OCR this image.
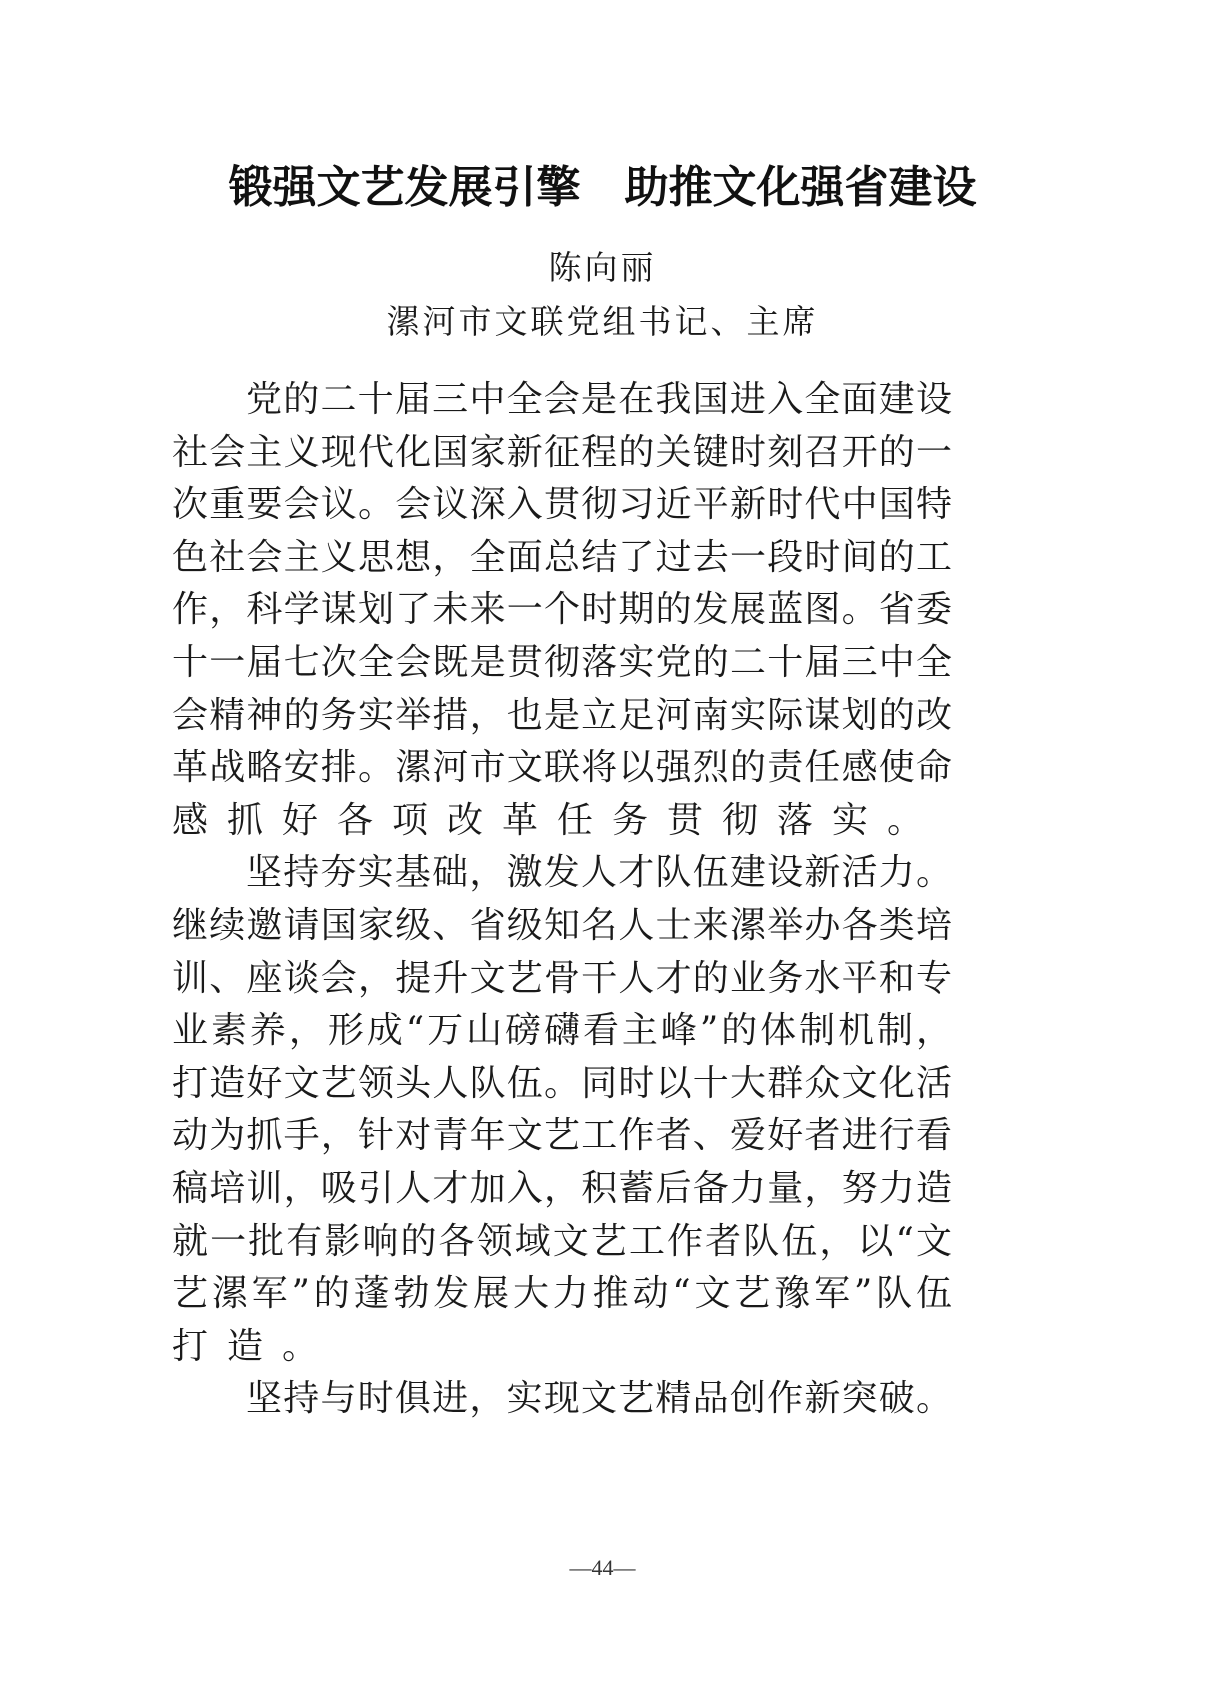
锻强文艺发展引擎　助推文化强省建设
陈向丽
漯河市文联党组书记、主席
党的二十届三中全会是在我国进入全面建设
社会主义现代化国家新征程的关键时刻召开的一
次重要会议。会议深入贯彻习近平新时代中国特
色社会主义思想，全面总结了过去一段时间的工
作，科学谋划了未来一个时期的发展蓝图。省委
十一届七次全会既是贯彻落实党的二十届三中全
会精神的务实举措，也是立足河南实际谋划的改
革战略安排。漯河市文联将以强烈的责任感使命
感抓好各项改革任务贯彻落实。
坚持夯实基础，激发人才队伍建设新活力。
继续邀请国家级、省级知名人士来漯举办各类培
训、座谈会，提升文艺骨干人才的业务水平和专
业素养，形成“万山磅礴看主峰”的体制机制，
打造好文艺领头人队伍。同时以十大群众文化活
动为抓手，针对青年文艺工作者、爱好者进行看
稿培训，吸引人才加入，积蓄后备力量，努力造
就一批有影响的各领域文艺工作者队伍，以“文
艺漯军”的蓬勃发展大力推动“文艺豫军”队伍
打造。
坚持与时俱进，实现文艺精品创作新突破。
—44—
